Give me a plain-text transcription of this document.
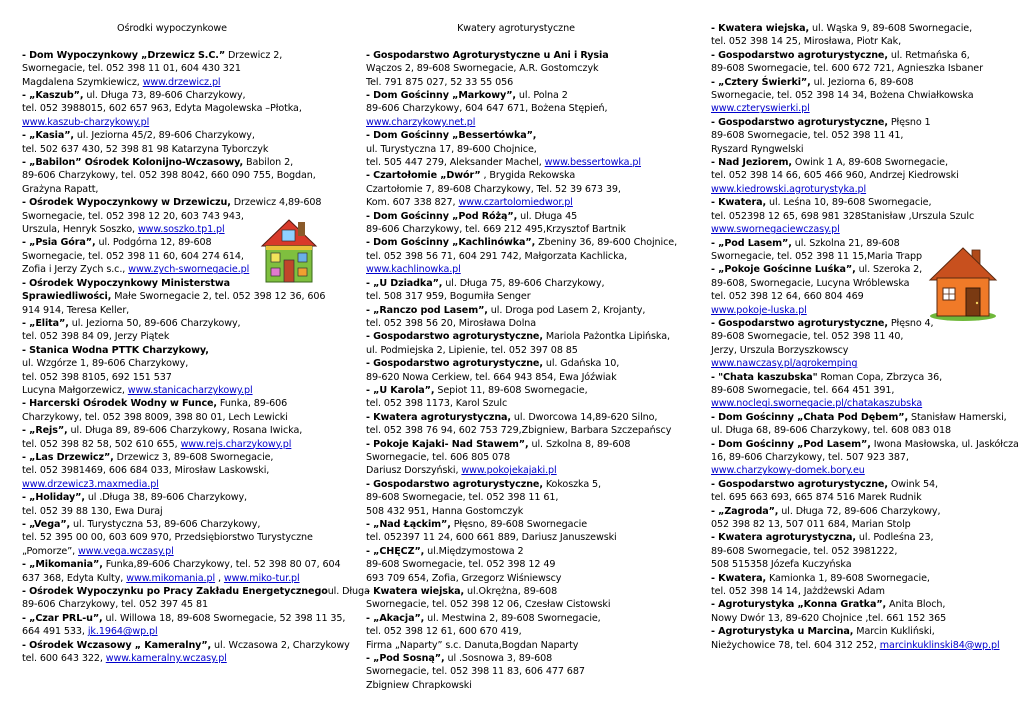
Ośrodki wypoczynkowe
- Dom Wypoczynkowy „Drzewicz S.C.” Drzewicz 2,
Swornegacie, tel. 052 398 11 01, 604 430 321
Magdalena Szymkiewicz, www.drzewicz.pl
- „Kaszub”, ul. Długa 73, 89-606 Charzykowy,
tel. 052 3988015, 602 657 963, Edyta Magolewska –Płotka,
www.kaszub-charzykowy.pl
- „Kasia”, ul. Jeziorna 45/2, 89-606 Charzykowy,
tel. 502 637 430, 52 398 81 98 Katarzyna Tyborczyk
- „Babilon” Ośrodek Kolonijno-Wczasowy, Babilon 2,
89-606 Charzykowy, tel. 052 398 8042, 660 090 755, Bogdan,
Grażyna Rapatt,
- Ośrodek Wypoczynkowy w Drzewiczu, Drzewicz 4,89-608
Swornegacie, tel. 052 398 12 20, 603 743 943,
Urszula, Henryk Soszko, www.soszko.tp1.pl
- „Psia Góra”, ul. Podgórna 12, 89-608
Swornegacie, tel. 052 398 11 60, 604 274 614,
Zofia i Jerzy Zych s.c., www.zych-swornegacie.pl
- Ośrodek Wypoczynkowy Ministerstwa
Sprawiedliwości, Małe Swornegacie 2, tel. 052 398 12 36, 606
914 914, Teresa Keller,
- „Elita”, ul. Jeziorna 50, 89-606 Charzykowy,
tel. 052 398 84 09, Jerzy Piątek
- Stanica Wodna PTTK Charzykowy,
ul. Wzgórze 1, 89-606 Charzykowy,
tel. 052 398 8105, 692 151 537
Lucyna Małgorzewicz, www.stanicacharzykowy.pl
- Harcerski Ośrodek Wodny w Funce, Funka, 89-606
Charzykowy, tel. 052 398 8009, 398 80 01, Lech Lewicki
- „Rejs”, ul. Długa 89, 89-606 Charzykowy, Rosana Iwicka,
tel. 052 398 82 58, 502 610 655, www.rejs.charzykowy.pl
- „Las Drzewicz”, Drzewicz 3, 89-608 Swornegacie,
tel. 052 3981469, 606 684 033, Mirosław Laskowski,
www.drzewicz3.maxmedia.pl
- „Holiday”, ul .Długa 38, 89-606 Charzykowy,
tel. 052 39 88 130, Ewa Duraj
- „Vega”, ul. Turystyczna 53, 89-606 Charzykowy,
tel. 52 395 00 00, 603 609 970, Przedsiębiorstwo Turystyczne
„Pomorze”, www.vega.wczasy.pl
- „Mikomania”, Funka,89-606 Charzykowy, tel. 52 398 80 07, 604
637 368, Edyta Kulty, www.mikomania.pl , www.miko-tur.pl
- Ośrodek Wypoczynku po Pracy Zakładu Energetycznegoul. Długa
89-606 Charzykowy, tel. 052 397 45 81
- „Czar PRL-u”, ul. Willowa 18, 89-608 Swornegacie, 52 398 11 35,
664 491 533, jk.1964@wp.pl
- Ośrodek Wczasowy „ Kameralny”, ul. Wczasowa 2, Charzykowy
tel. 600 643 322, www.kameralny.wczasy.pl
Kwatery agroturystyczne
- Gospodarstwo Agroturystyczne u Ani i Rysia
Wączos 2, 89-608 Swornegacie, A.R. Gostomczyk
Tel. 791 875 027, 52 33 55 056
- Dom Gościnny „Markowy”, ul. Polna 2
89-606 Charzykowy, 604 647 671, Bożena Stępień,
www.charzykowy.net.pl
- Dom Gościnny „Bessertówka”,
ul. Turystyczna 17, 89-600 Chojnice,
tel. 505 447 279, Aleksander Machel, www.bessertowka.pl
- Czartołomie „Dwór” , Brygida Rekowska
Czartołomie 7, 89-608 Charzykowy, Tel. 52 39 673 39,
Kom. 607 338 827, www.czartolomiedwor.pl
- Dom Gościnny „Pod Różą”, ul. Długa 45
89-606 Charzykowy, tel. 669 212 495,Krzysztof Bartnik
- Dom Gościnny „Kachlinówka”, Zbeniny 36, 89-600 Chojnice,
tel. 052 398 56 71, 604 291 742, Małgorzata Kachlicka,
www.kachlinowka.pl
- „U Dziadka”, ul. Długa 75, 89-606 Charzykowy,
tel. 508 317 959, Bogumiła Senger
- „Ranczo pod Lasem”, ul. Droga pod Lasem 2, Krojanty,
tel. 052 398 56 20, Mirosława Dolna
- Gospodarstwo agroturystyczne, Mariola Pażontka Lipińska,
ul. Podmiejska 2, Lipienie, tel. 052 397 08 85
- Gospodarstwo agroturystyczne, ul. Gdańska 10,
89-620 Nowa Cerkiew, tel. 664 943 854, Ewa Jóźwiak
- „U Karola”, Sepiot 11, 89-608 Swornegacie,
tel. 052 398 1173, Karol Szulc
- Kwatera agroturystyczna, ul. Dworcowa 14,89-620 Silno,
tel. 052 398 76 94, 602 753 729,Zbigniew, Barbara Szczepańscy
- Pokoje Kajaki- Nad Stawem”, ul. Szkolna 8, 89-608
Swornegacie, tel. 606 805 078
Dariusz Dorszyński, www.pokojekajaki.pl
- Gospodarstwo agroturystyczne, Kokoszka 5,
89-608 Swornegacie, tel. 052 398 11 61,
508 432 951, Hanna Gostomczyk
- „Nad Łąckim”, Płęsno, 89-608 Swornegacie
tel. 052397 11 24, 600 661 889, Dariusz Januszewski
- „CHĘCZ”, ul.Międzymostowa 2
89-608 Swornegacie, tel. 052 398 12 49
693 709 654, Zofia, Grzegorz Wiśniewscy
- Kwatera wiejska, ul.Okrężna, 89-608
Swornegacie, tel. 052 398 12 06, Czesław Cistowski
- „Akacja”, ul. Mestwina 2, 89-608 Swornegacie,
tel. 052 398 12 61, 600 670 419,
Firma „Naparty” s.c. Danuta,Bogdan Naparty
- „Pod Sosną”, ul .Sosnowa 3, 89-608
Swornegacie, tel. 052 398 11 83, 606 477 687
Zbigniew Chrapkowski
- Kwatera wiejska, ul. Wąska 9, 89-608 Swornegacie,
tel. 052 398 14 25, Mirosława, Piotr Kak,
- Gospodarstwo agroturystyczne, ul. Retmańska 6,
89-608 Swornegacie, tel. 600 672 721, Agnieszka Isbaner
- „Cztery Świerki”, ul. Jeziorna 6, 89-608
Swornegacie, tel. 052 398 14 34, Bożena Chwiałkowska
www.czteryswierki.pl
- Gospodarstwo agroturystyczne, Płęsno 1
89-608 Swornegacie, tel. 052 398 11 41,
Ryszard Ryngwelski
- Nad Jeziorem, Owink 1 A, 89-608 Swornegacie,
tel. 052 398 14 66, 605 466 960, Andrzej Kiedrowski
www.kiedrowski.agroturystyka.pl
- Kwatera, ul. Leśna 10, 89-608 Swornegacie,
tel. 052398 12 65, 698 981 328Stanisław ,Urszula Szulc
www.swornegaciewczasy.pl
- „Pod Lasem”, ul. Szkolna 21, 89-608
Swornegacie, tel. 052 398 11 15,Maria Trapp
- „Pokoje Gościnne Luśka”, ul. Szeroka 2,
89-608, Swornegacie, Lucyna Wróblewska
tel. 052 398 12 64, 660 804 469
www.pokoje-luska.pl
- Gospodarstwo agroturystyczne, Płęsno 4,
89-608 Swornegacie, tel. 052 398 11 40,
Jerzy, Urszula Borzyszkowscy
www.nawczasy.pl/agrokemping
- "Chata kaszubska" Roman Copa, Zbrzyca 36,
89-608 Swornegacie, tel. 664 451 391,
www.noclegi.swornegacie.pl/chatakaszubska
- Dom Gościnny „Chata Pod Dębem”, Stanisław Hamerski,
ul. Długa 68, 89-606 Charzykowy, tel. 608 083 018
- Dom Gościnny „Pod Lasem”, Iwona Masłowska, ul. Jaskółcza
16, 89-606 Charzykowy, tel. 507 923 387,
www.charzykowy-domek.bory.eu
- Gospodarstwo agroturystyczne, Owink 54,
tel. 695 663 693, 665 874 516 Marek Rudnik
- „Zagroda”, ul. Długa 72, 89-606 Charzykowy,
052 398 82 13, 507 011 684, Marian Stolp
- Kwatera agroturystyczna, ul. Podleśna 23,
89-608 Swornegacie, tel. 052 3981222,
508 515358 Józefa Kuczyńska
- Kwatera, Kamionka 1, 89-608 Swornegacie,
tel. 052 398 14 14, Jażdżewski Adam
- Agroturystyka „Konna Gratka”, Anita Bloch,
Nowy Dwór 13, 89-620 Chojnice ,tel. 661 152 365
- Agroturystyka u Marcina, Marcin Kukliński,
Nieżychowice 78, tel. 604 312 252, marcinkuklinski84@wp.pl
